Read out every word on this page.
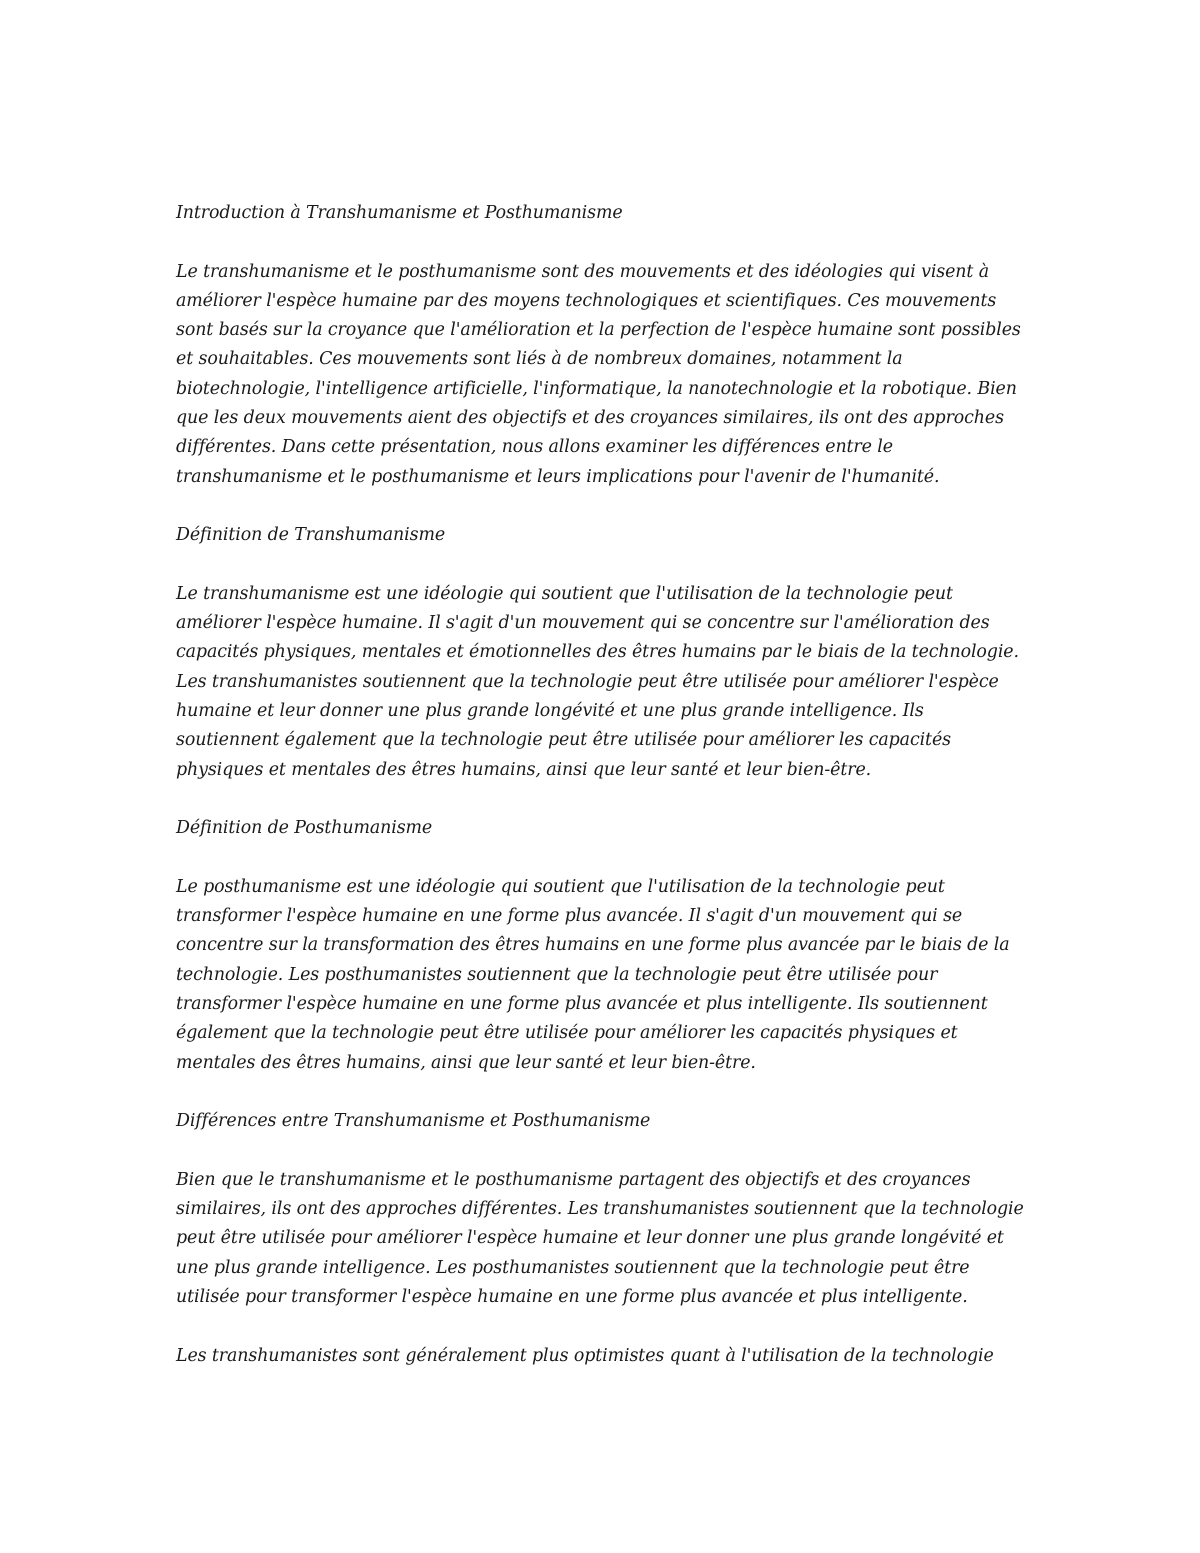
Introduction à Transhumanisme et Posthumanisme

Le transhumanisme et le posthumanisme sont des mouvements et des idéologies qui visent à améliorer l'espèce humaine par des moyens technologiques et scientifiques. Ces mouvements sont basés sur la croyance que l'amélioration et la perfection de l'espèce humaine sont possibles et souhaitables. Ces mouvements sont liés à de nombreux domaines, notamment la biotechnologie, l'intelligence artificielle, l'informatique, la nanotechnologie et la robotique. Bien que les deux mouvements aient des objectifs et des croyances similaires, ils ont des approches différentes. Dans cette présentation, nous allons examiner les différences entre le transhumanisme et le posthumanisme et leurs implications pour l'avenir de l'humanité.

Définition de Transhumanisme

Le transhumanisme est une idéologie qui soutient que l'utilisation de la technologie peut améliorer l'espèce humaine. Il s'agit d'un mouvement qui se concentre sur l'amélioration des capacités physiques, mentales et émotionnelles des êtres humains par le biais de la technologie. Les transhumanistes soutiennent que la technologie peut être utilisée pour améliorer l'espèce humaine et leur donner une plus grande longévité et une plus grande intelligence. Ils soutiennent également que la technologie peut être utilisée pour améliorer les capacités physiques et mentales des êtres humains, ainsi que leur santé et leur bien-être.

Définition de Posthumanisme

Le posthumanisme est une idéologie qui soutient que l'utilisation de la technologie peut transformer l'espèce humaine en une forme plus avancée. Il s'agit d'un mouvement qui se concentre sur la transformation des êtres humains en une forme plus avancée par le biais de la technologie. Les posthumanistes soutiennent que la technologie peut être utilisée pour transformer l'espèce humaine en une forme plus avancée et plus intelligente. Ils soutiennent également que la technologie peut être utilisée pour améliorer les capacités physiques et mentales des êtres humains, ainsi que leur santé et leur bien-être.

Différences entre Transhumanisme et Posthumanisme

Bien que le transhumanisme et le posthumanisme partagent des objectifs et des croyances similaires, ils ont des approches différentes. Les transhumanistes soutiennent que la technologie peut être utilisée pour améliorer l'espèce humaine et leur donner une plus grande longévité et une plus grande intelligence. Les posthumanistes soutiennent que la technologie peut être utilisée pour transformer l'espèce humaine en une forme plus avancée et plus intelligente.

Les transhumanistes sont généralement plus optimistes quant à l'utilisation de la technologie
